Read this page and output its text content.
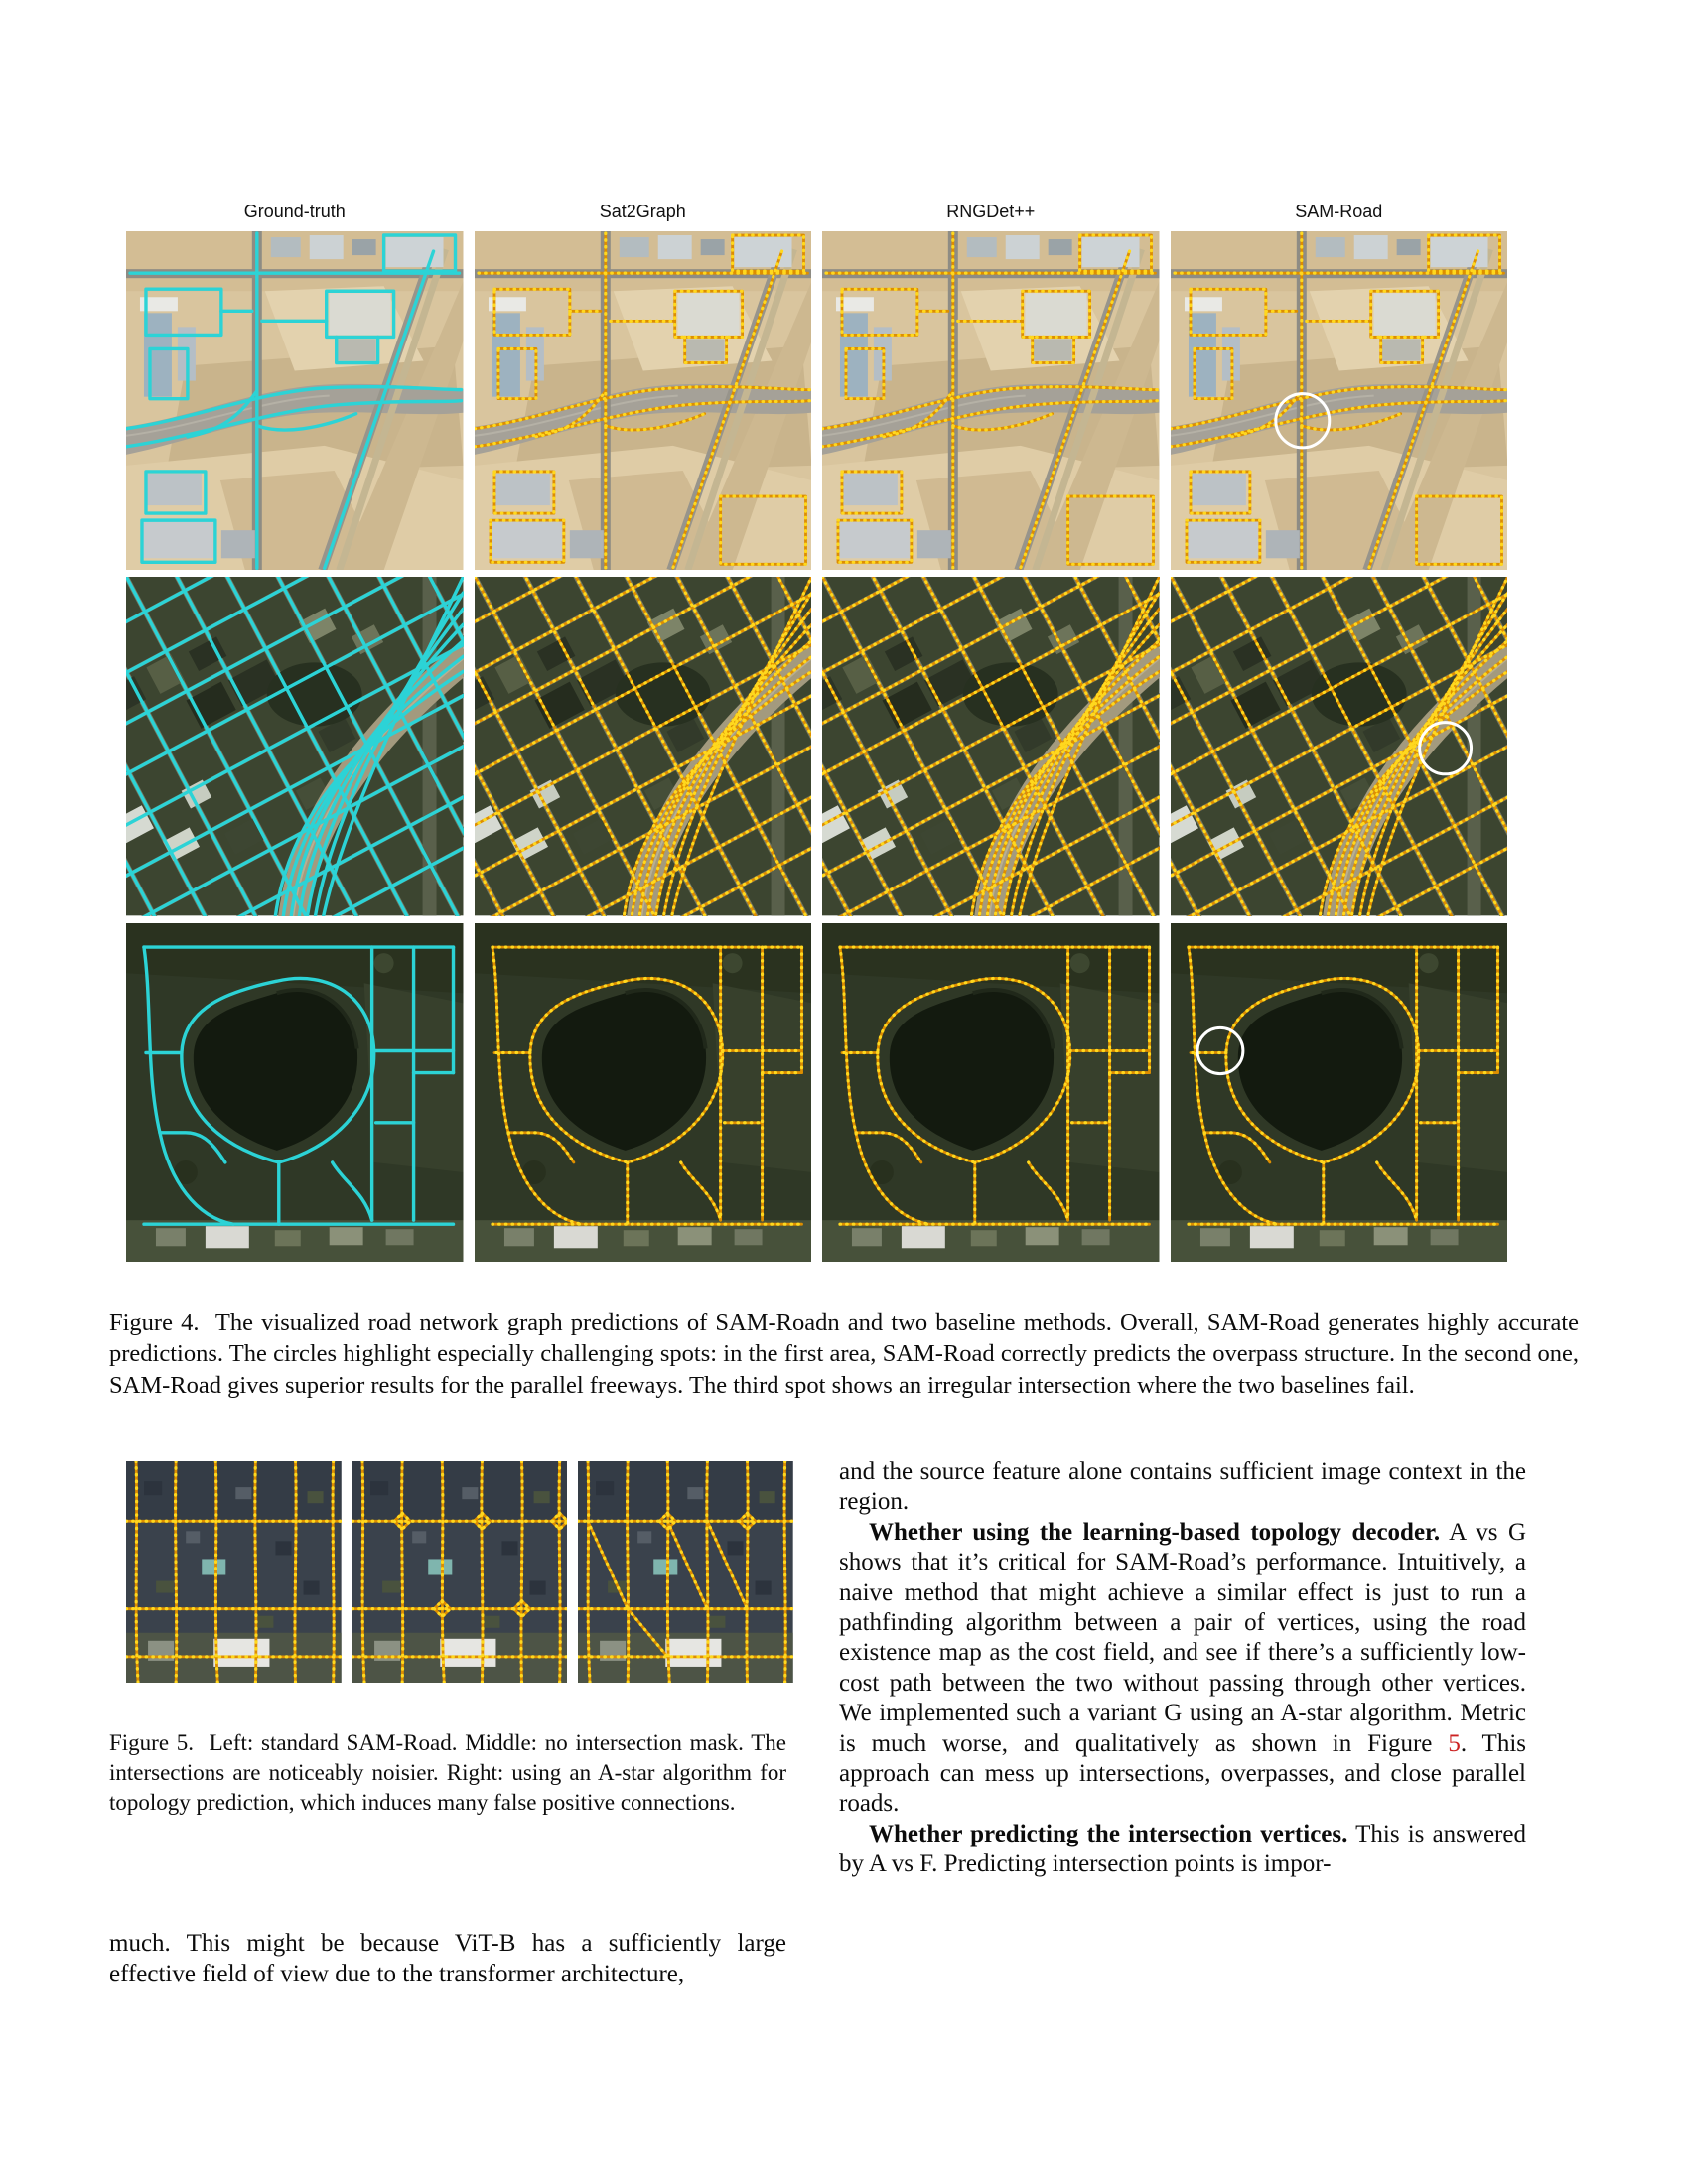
Ground-truth	Sat2Graph	RNGDet++	SAM-Road

Figure 4. The visualized road network graph predictions of SAM-Roadn and two baseline methods. Overall, SAM-Road generates highly accurate predictions. The circles highlight especially challenging spots: in the first area, SAM-Road correctly predicts the overpass structure. In the second one, SAM-Road gives superior results for the parallel freeways. The third spot shows an irregular intersection where the two baselines fail.

Figure 5. Left: standard SAM-Road. Middle: no intersection mask. The intersections are noticeably noisier. Right: using an A-star algorithm for topology prediction, which induces many false positive connections.

much. This might be because ViT-B has a sufficiently large effective field of view due to the transformer architecture,

and the source feature alone contains sufficient image context in the region.

Whether using the learning-based topology decoder. A vs G shows that it’s critical for SAM-Road’s performance. Intuitively, a naive method that might achieve a similar effect is just to run a pathfinding algorithm between a pair of vertices, using the road existence map as the cost field, and see if there’s a sufficiently low-cost path between the two without passing through other vertices. We implemented such a variant G using an A-star algorithm. Metric is much worse, and qualitatively as shown in Figure 5. This approach can mess up intersections, overpasses, and close parallel roads.

Whether predicting the intersection vertices. This is answered by A vs F. Predicting intersection points is impor-
